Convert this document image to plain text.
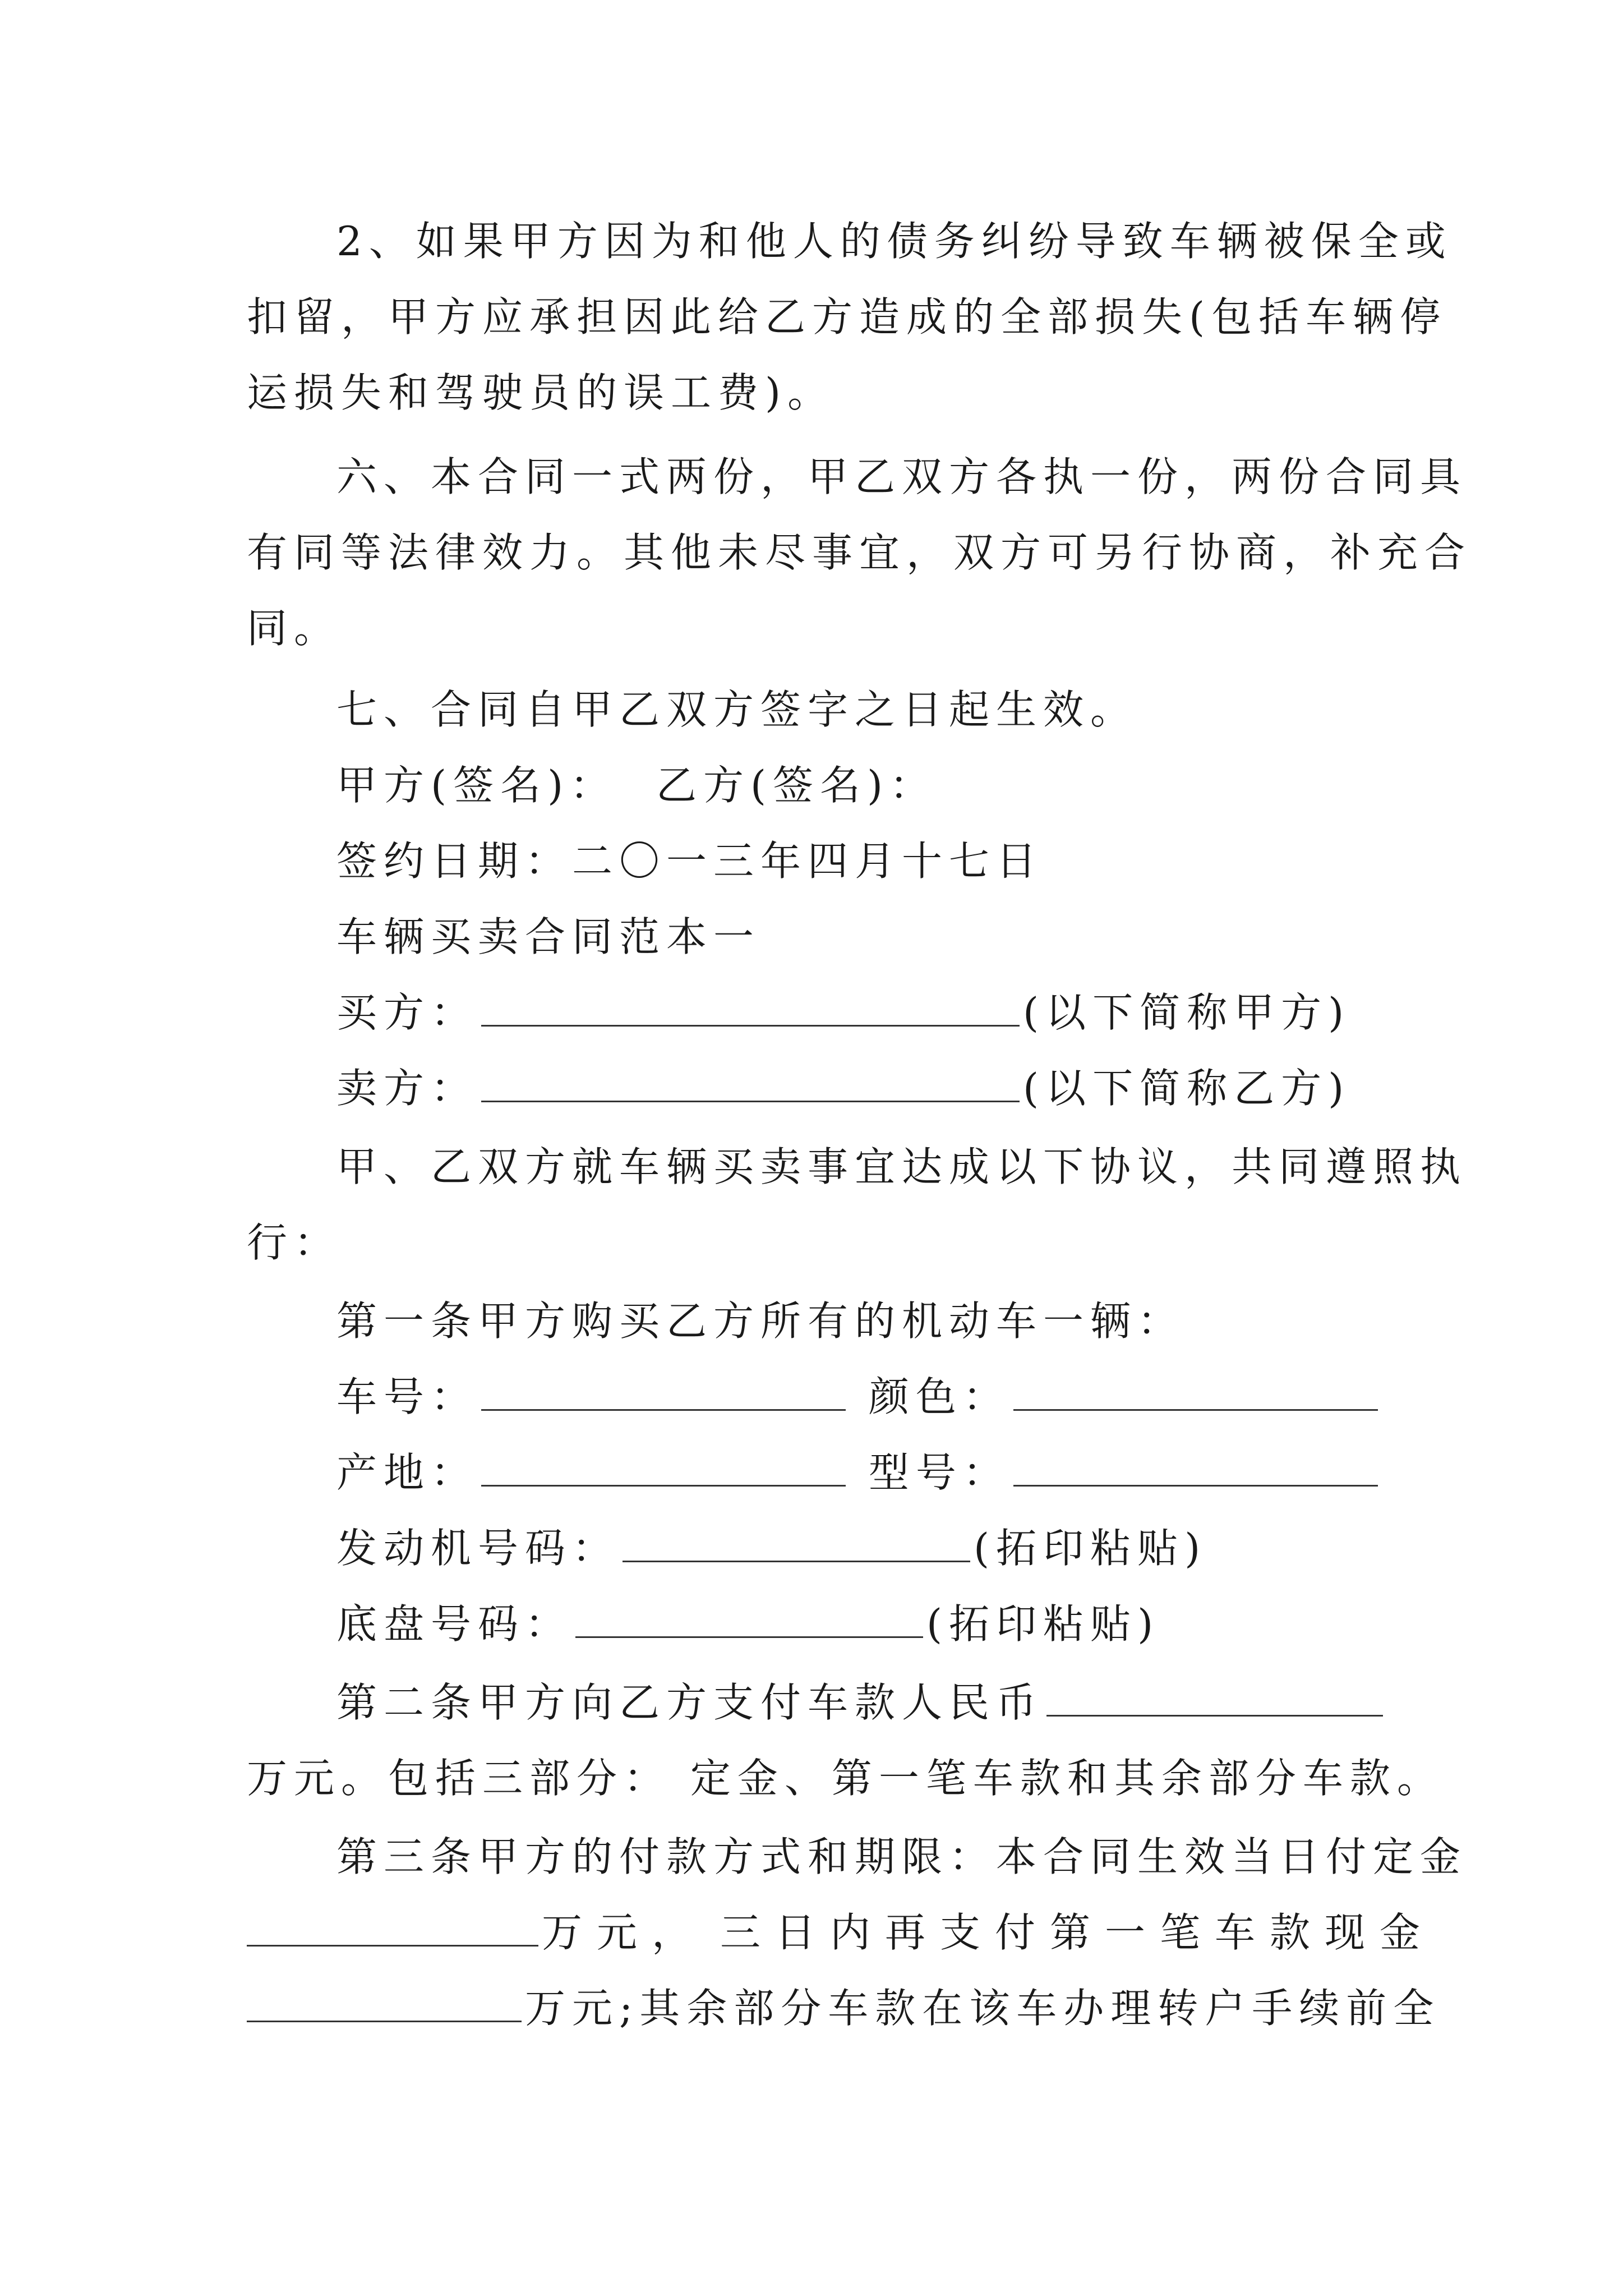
2、如果甲方因为和他人的债务纠纷导致车辆被保全或
扣留，甲方应承担因此给乙方造成的全部损失(包括车辆停
运损失和驾驶员的误工费)。
六、本合同一式两份，甲乙双方各执一份，两份合同具
有同等法律效力。其他未尽事宜，双方可另行协商，补充合
同。
七、合同自甲乙双方签字之日起生效。
甲方(签名)：  乙方(签名)：
签约日期：二〇一三年四月十七日
车辆买卖合同范本一
买方：	(以下简称甲方)
卖方：	(以下简称乙方)
甲、乙双方就车辆买卖事宜达成以下协议，共同遵照执
行：
第一条甲方购买乙方所有的机动车一辆：
车号：	颜色：
产地：	型号：
发动机号码：	(拓印粘贴)
底盘号码：	(拓印粘贴)
第二条甲方向乙方支付车款人民币
万元。包括三部分： 定金、第一笔车款和其余部分车款。
第三条甲方的付款方式和期限：本合同生效当日付定金
万元， 三日内再支付第一笔车款现金
万元;其余部分车款在该车办理转户手续前全
